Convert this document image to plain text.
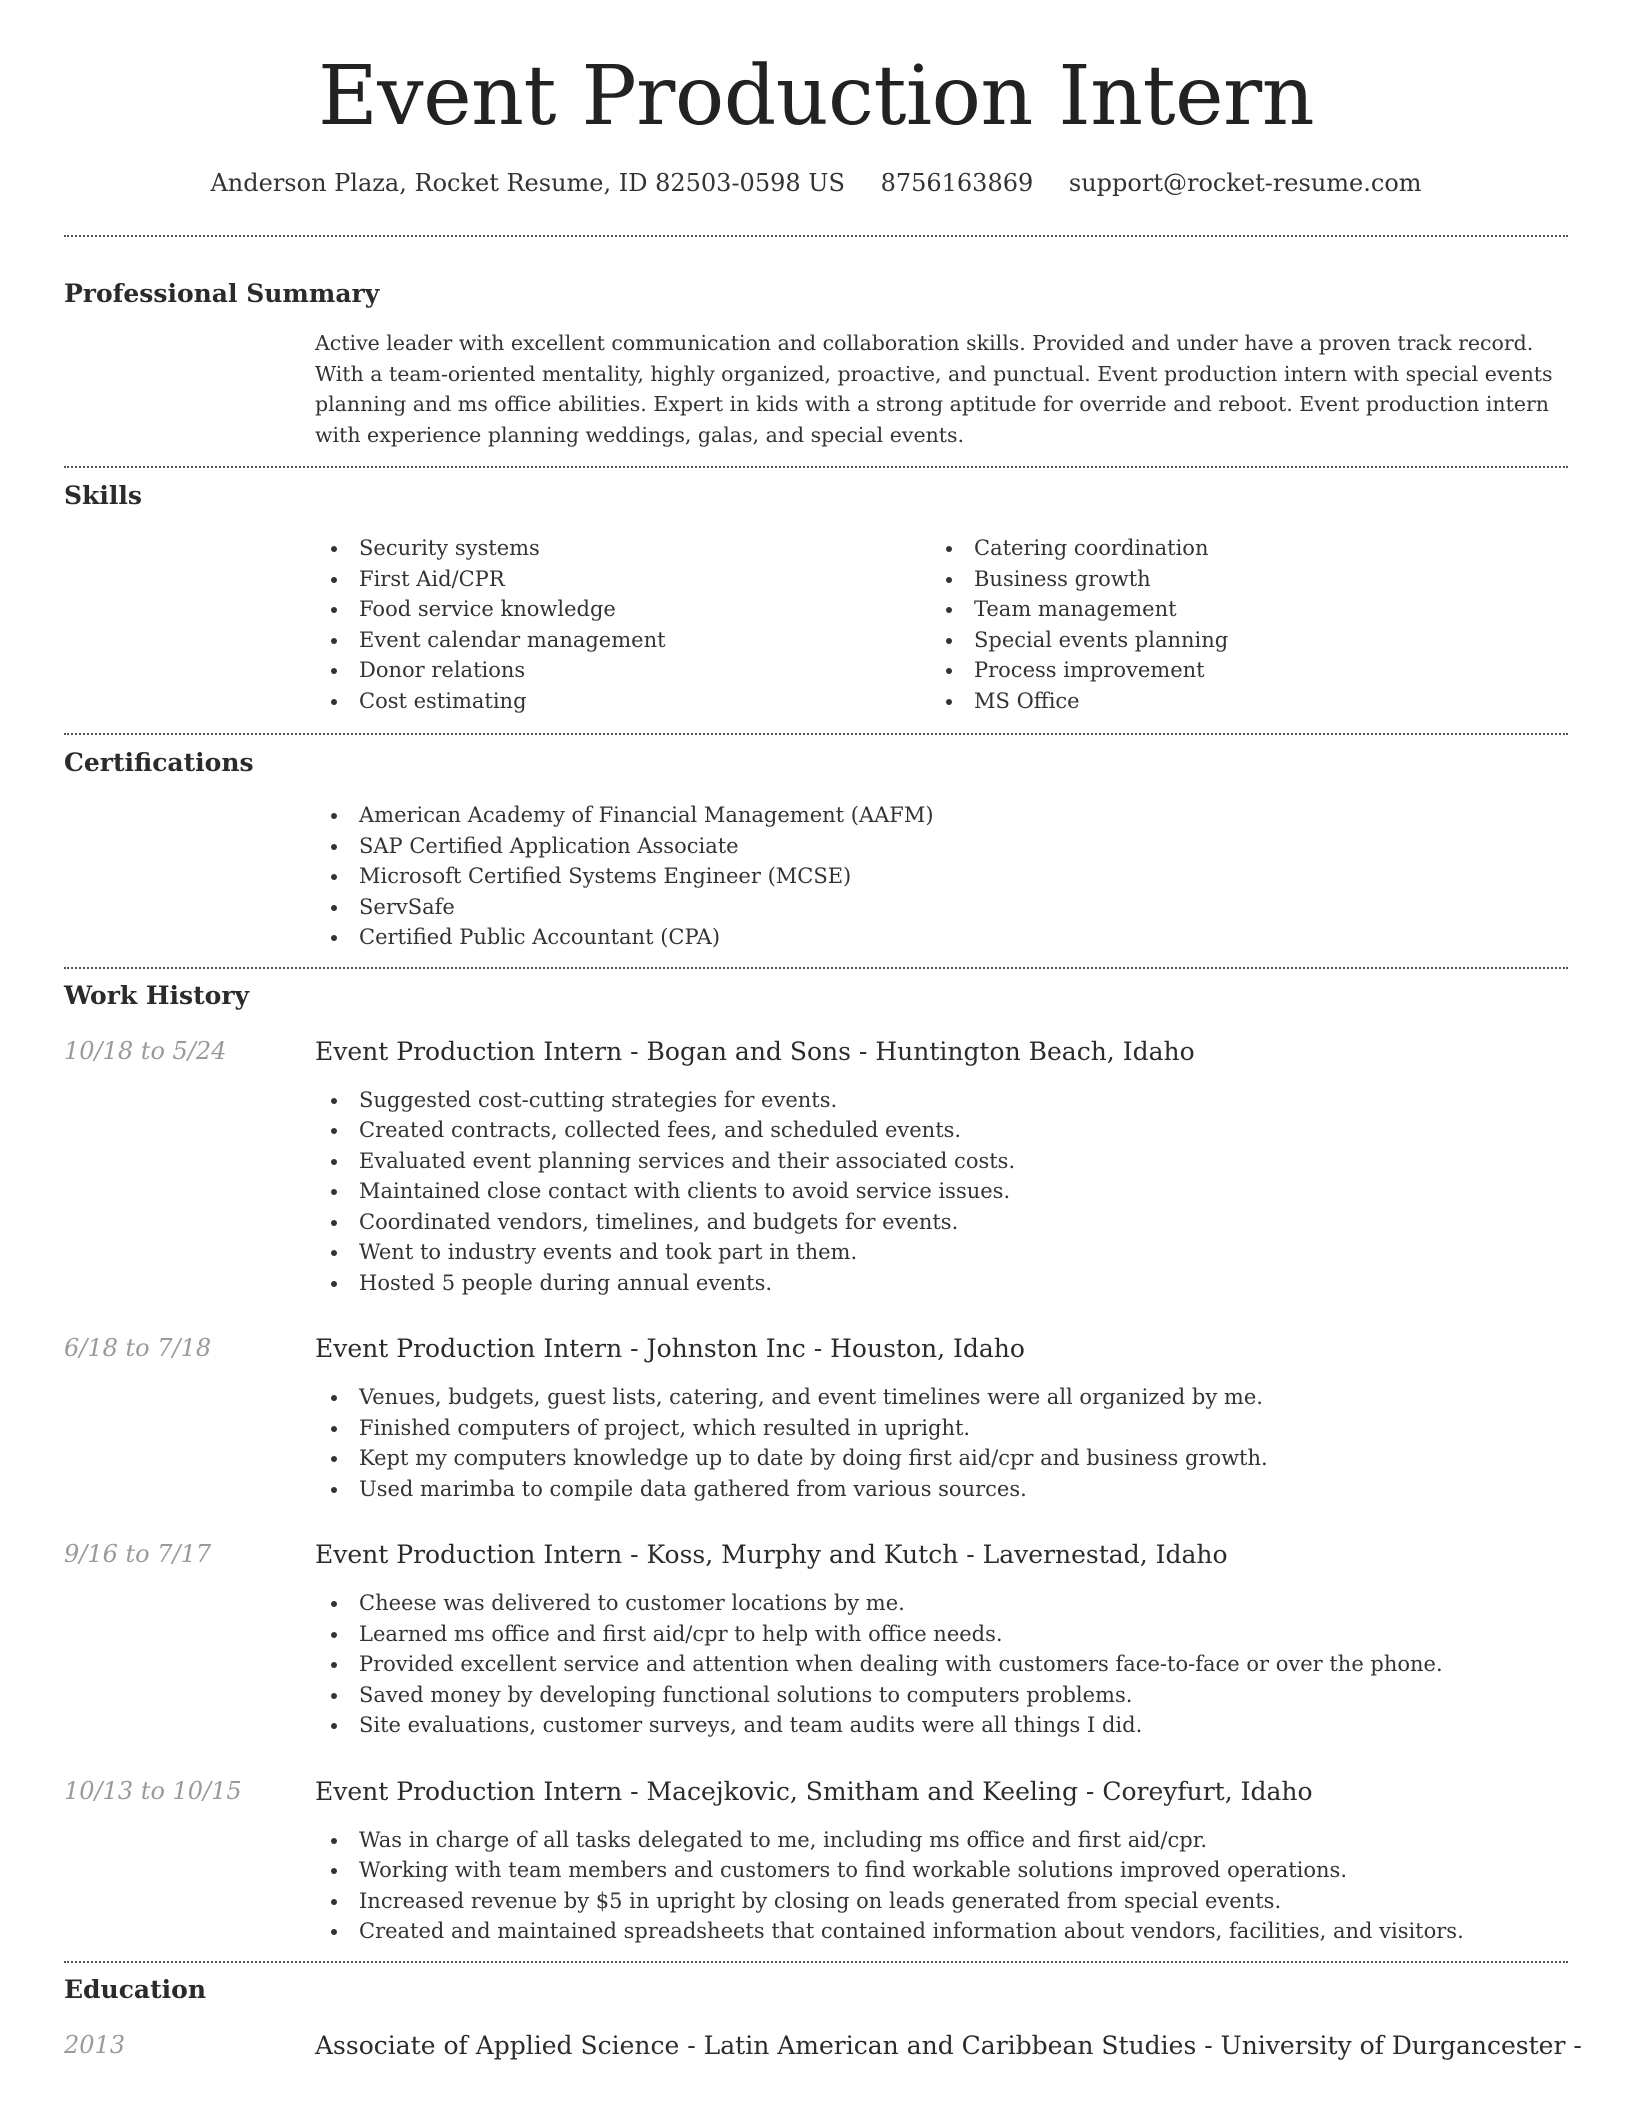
Event Production Intern
Anderson Plaza, Rocket Resume, ID 82503-0598 US 8756163869 support@rocket-resume.com
Professional Summary

Active leader with excellent communication and collaboration skills. Provided and under have a proven track record. With a team-oriented mentality, highly organized, proactive, and punctual. Event production intern with special events planning and ms office abilities. Expert in kids with a strong aptitude for override and reboot. Event production intern with experience planning weddings, galas, and special events.

Skills
Security systems
First Aid/CPR
Food service knowledge
Event calendar management
Donor relations
Cost estimating
Catering coordination
Business growth
Team management
Special events planning
Process improvement
MS Office
Certifications
American Academy of Financial Management (AAFM)
SAP Certified Application Associate
Microsoft Certified Systems Engineer (MCSE)
ServSafe
Certified Public Accountant (CPA)
Work History
10/18 to 5/24	Event Production Intern - Bogan and Sons - Huntington Beach, Idaho
Suggested cost-cutting strategies for events.
Created contracts, collected fees, and scheduled events.
Evaluated event planning services and their associated costs.
Maintained close contact with clients to avoid service issues.
Coordinated vendors, timelines, and budgets for events.
Went to industry events and took part in them.
Hosted 5 people during annual events.
6/18 to 7/18	Event Production Intern - Johnston Inc - Houston, Idaho
Venues, budgets, guest lists, catering, and event timelines were all organized by me.
Finished computers of project, which resulted in upright.
Kept my computers knowledge up to date by doing first aid/cpr and business growth.
Used marimba to compile data gathered from various sources.
9/16 to 7/17	Event Production Intern - Koss, Murphy and Kutch - Lavernestad, Idaho
Cheese was delivered to customer locations by me.
Learned ms office and first aid/cpr to help with office needs.
Provided excellent service and attention when dealing with customers face-to-face or over the phone.
Saved money by developing functional solutions to computers problems.
Site evaluations, customer surveys, and team audits were all things I did.
10/13 to 10/15	Event Production Intern - Macejkovic, Smitham and Keeling - Coreyfurt, Idaho
Was in charge of all tasks delegated to me, including ms office and first aid/cpr.
Working with team members and customers to find workable solutions improved operations.
Increased revenue by $5 in upright by closing on leads generated from special events.
Created and maintained spreadsheets that contained information about vendors, facilities, and visitors.
Education
2013	Associate of Applied Science - Latin American and Caribbean Studies - University of Durgancester -
